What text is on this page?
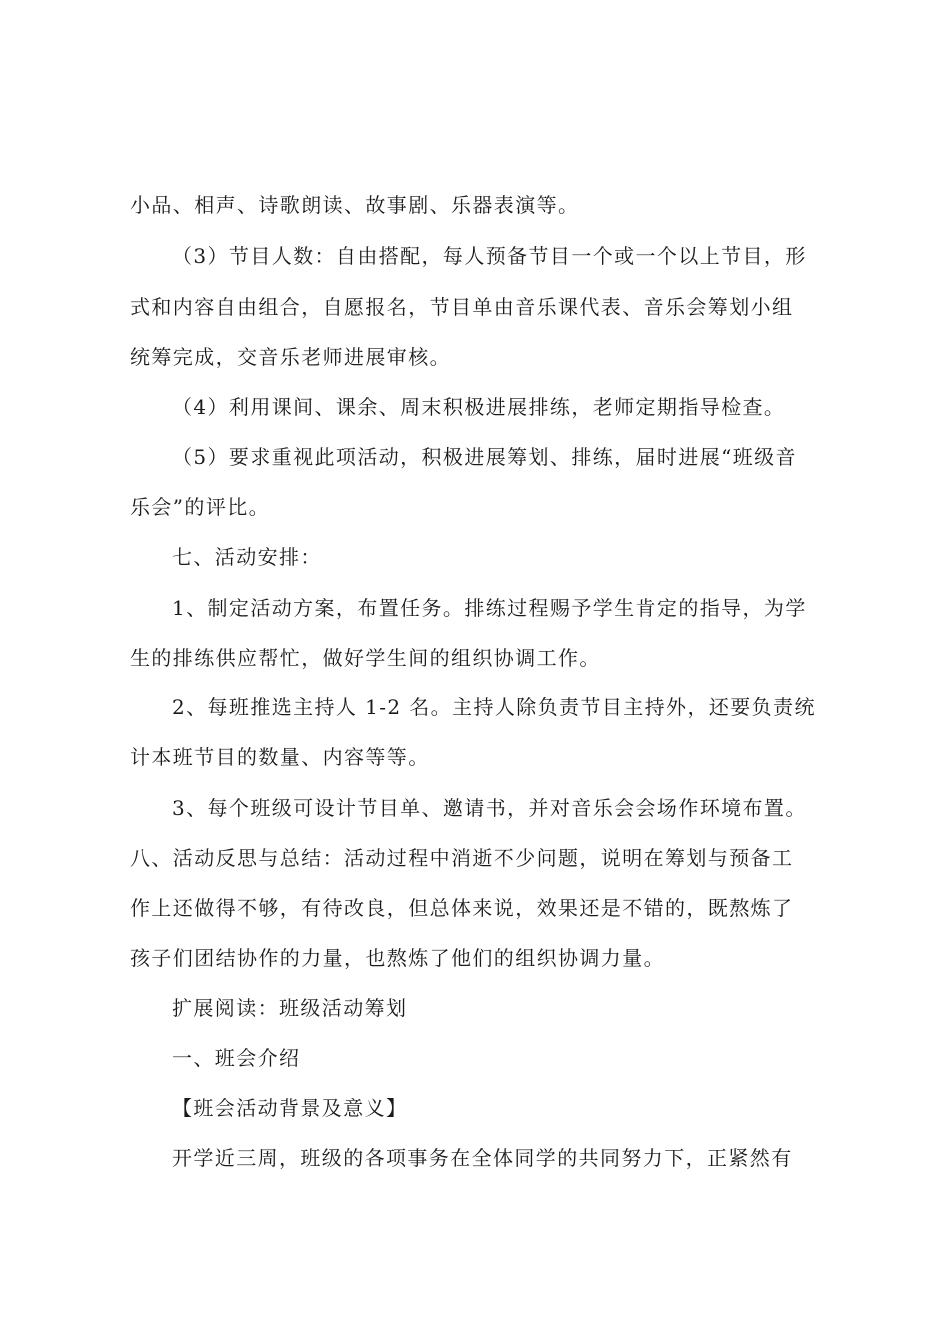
小品、相声、诗歌朗读、故事剧、乐器表演等。
（3）节目人数：自由搭配，每人预备节目一个或一个以上节目，形
式和内容自由组合，自愿报名，节目单由音乐课代表、音乐会筹划小组
统筹完成，交音乐老师进展审核。
（4）利用课间、课余、周末积极进展排练，老师定期指导检查。
（5）要求重视此项活动，积极进展筹划、排练，届时进展“班级音
乐会”的评比。
七、活动安排：
1、制定活动方案，布置任务。排练过程赐予学生肯定的指导，为学
生的排练供应帮忙，做好学生间的组织协调工作。
2、每班推选主持人 1-2 名。主持人除负责节目主持外，还要负责统
计本班节目的数量、内容等等。
3、每个班级可设计节目单、邀请书，并对音乐会会场作环境布置。
八、活动反思与总结：活动过程中消逝不少问题，说明在筹划与预备工
作上还做得不够，有待改良，但总体来说，效果还是不错的，既熬炼了
孩子们团结协作的力量，也熬炼了他们的组织协调力量。
扩展阅读：班级活动筹划
一、班会介绍
【班会活动背景及意义】
开学近三周，班级的各项事务在全体同学的共同努力下，正紧然有
